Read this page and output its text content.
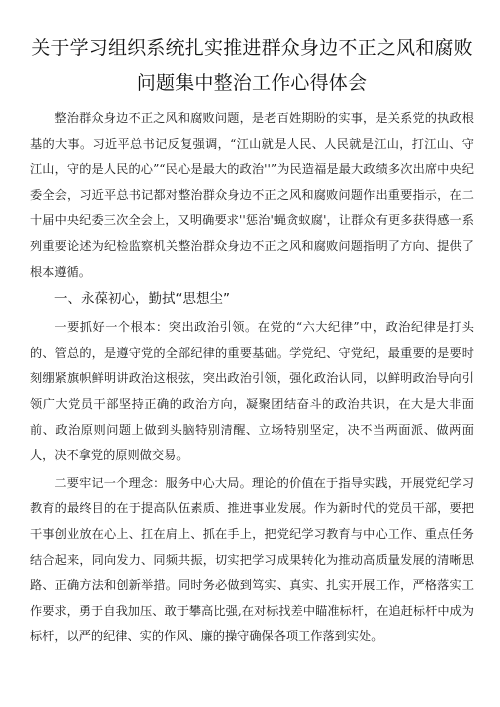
关于学习组织系统扎实推进群众身边不正之风和腐败
问题集中整治工作心得体会

整治群众身边不正之风和腐败问题，是老百姓期盼的实事，是关系党的执政根基的大事。习近平总书记反复强调，“江山就是人民、人民就是江山，打江山、守江山，守的是人民的心”“民心是最大的政治''”为民造福是最大政绩多次出席中央纪委全会，习近平总书记都对整治群众身边不正之风和腐败问题作出重要指示，在二十届中央纪委三次全会上，又明确要求''惩治'蝇贪蚁腐'，让群众有更多获得感一系列重要论述为纪检监察机关整治群众身边不正之风和腐败问题指明了方向、提供了根本遵循。

一、永葆初心，勤拭“思想尘”

一要抓好一个根本：突出政治引领。在党的“六大纪律”中，政治纪律是打头的、管总的，是遵守党的全部纪律的重要基础。学党纪、守党纪，最重要的是要时刻绷紧旗帜鲜明讲政治这根弦，突出政治引领，强化政治认同，以鲜明政治导向引领广大党员干部坚持正确的政治方向，凝聚团结奋斗的政治共识，在大是大非面前、政治原则问题上做到头脑特别清醒、立场特别坚定，决不当两面派、做两面人，决不拿党的原则做交易。

二要牢记一个理念：服务中心大局。理论的价值在于指导实践，开展党纪学习教育的最终目的在于提高队伍素质、推进事业发展。作为新时代的党员干部，要把干事创业放在心上、扛在肩上、抓在手上，把党纪学习教育与中心工作、重点任务结合起来，同向发力、同频共振，切实把学习成果转化为推动高质量发展的清晰思路、正确方法和创新举措。同时务必做到笃实、真实、扎实开展工作，严格落实工作要求，勇于自我加压、敢于攀高比强,在对标找差中瞄准标杆，在追赶标杆中成为标杆，以严的纪律、实的作风、廉的操守确保各项工作落到实处。
